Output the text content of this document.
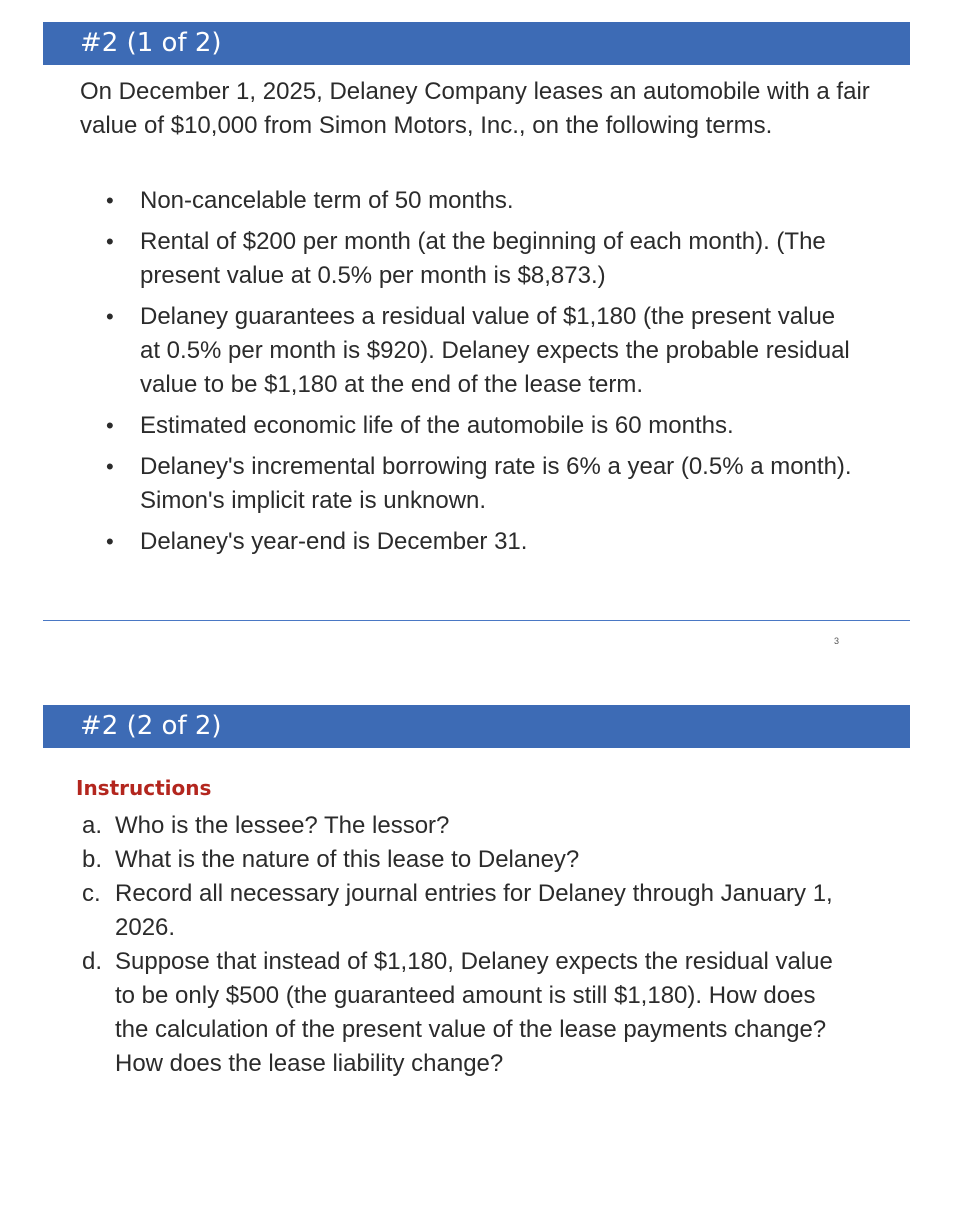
#2 (1 of 2)

On December 1, 2025, Delaney Company leases an automobile with a fair value of $10,000 from Simon Motors, Inc., on the following terms.

• Non-cancelable term of 50 months.
• Rental of $200 per month (at the beginning of each month). (The present value at 0.5% per month is $8,873.)
• Delaney guarantees a residual value of $1,180 (the present value at 0.5% per month is $920). Delaney expects the probable residual value to be $1,180 at the end of the lease term.
• Estimated economic life of the automobile is 60 months.
• Delaney's incremental borrowing rate is 6% a year (0.5% a month). Simon's implicit rate is unknown.
• Delaney's year-end is December 31.
3
#2 (2 of 2)
Instructions
a. Who is the lessee? The lessor?
b. What is the nature of this lease to Delaney?
c. Record all necessary journal entries for Delaney through January 1, 2026.
d. Suppose that instead of $1,180, Delaney expects the residual value to be only $500 (the guaranteed amount is still $1,180). How does the calculation of the present value of the lease payments change? How does the lease liability change?
